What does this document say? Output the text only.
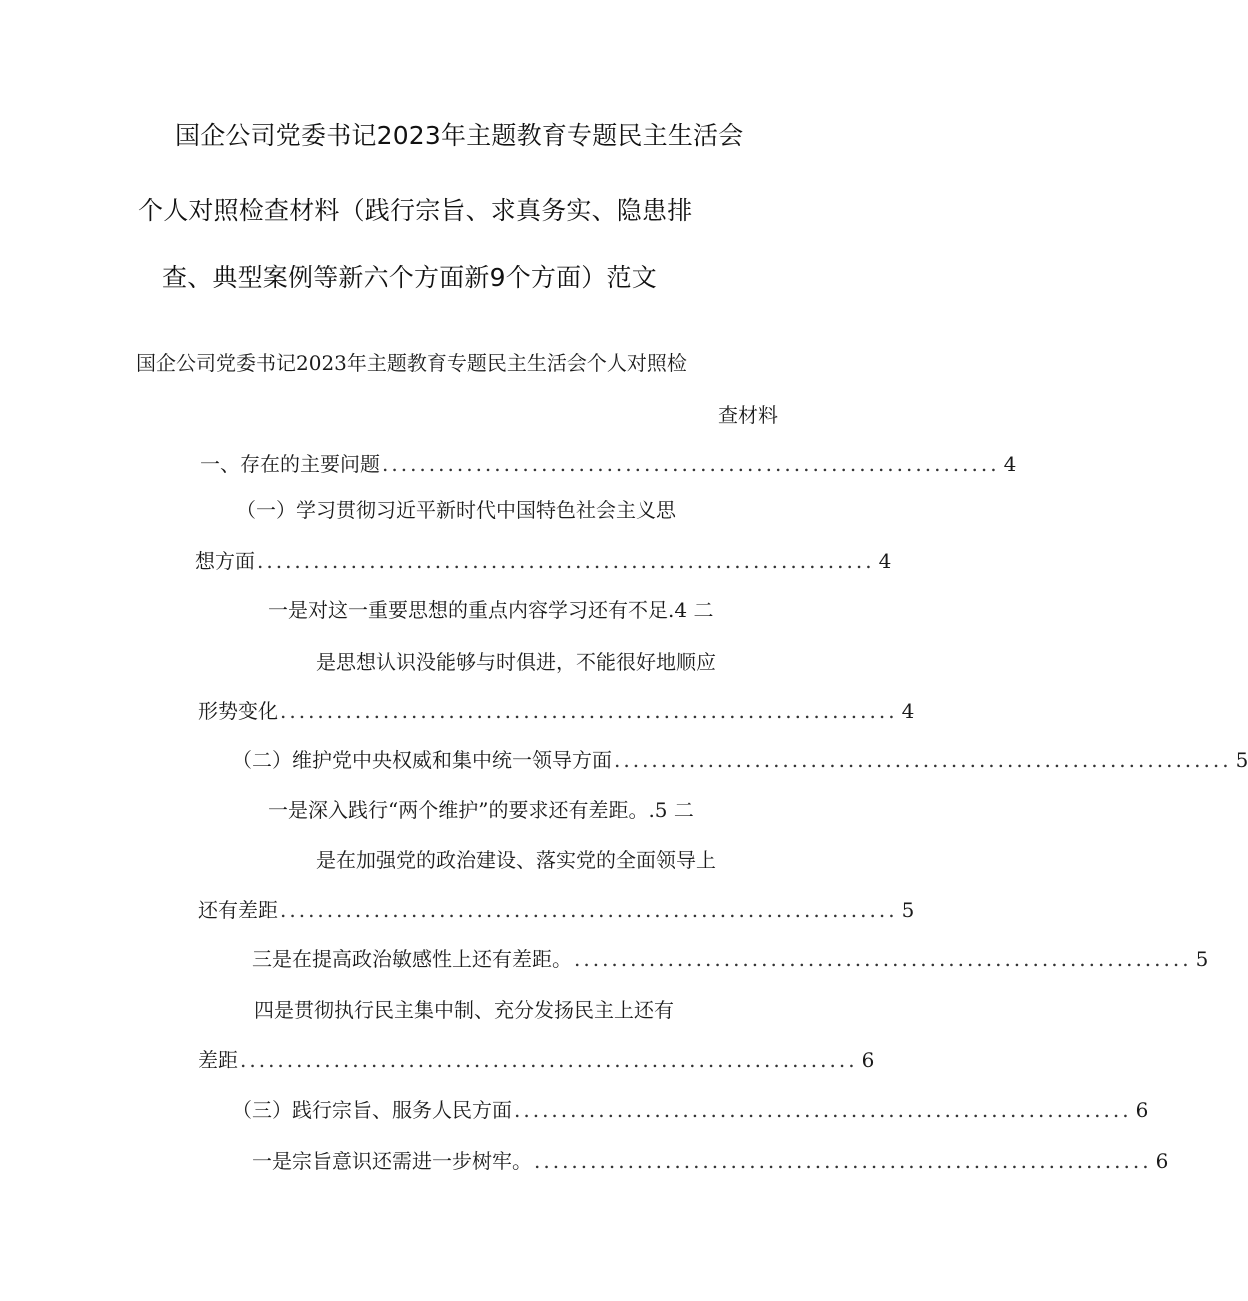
国企公司党委书记2023年主题教育专题民主生活会
个人对照检查材料（践行宗旨、求真务实、隐患排
查、典型案例等新六个方面新9个方面）范文
国企公司党委书记2023年主题教育专题民主生活会个人对照检
查材料
一、存在的主要问题 .................................................................. 4
（一）学习贯彻习近平新时代中国特色社会主义思
想方面 .................................................................. 4
一是对这一重要思想的重点内容学习还有不足.4 二
是思想认识没能够与时俱进，不能很好地顺应
形势变化 .................................................................. 4
（二）维护党中央权威和集中统一领导方面 .................................................................. 5
一是深入践行“两个维护”的要求还有差距。.5 二
是在加强党的政治建设、落实党的全面领导上
还有差距 .................................................................. 5
三是在提高政治敏感性上还有差距。 .................................................................. 5
四是贯彻执行民主集中制、充分发扬民主上还有
差距 .................................................................. 6
（三）践行宗旨、服务人民方面 .................................................................. 6
一是宗旨意识还需进一步树牢。 .................................................................. 6
